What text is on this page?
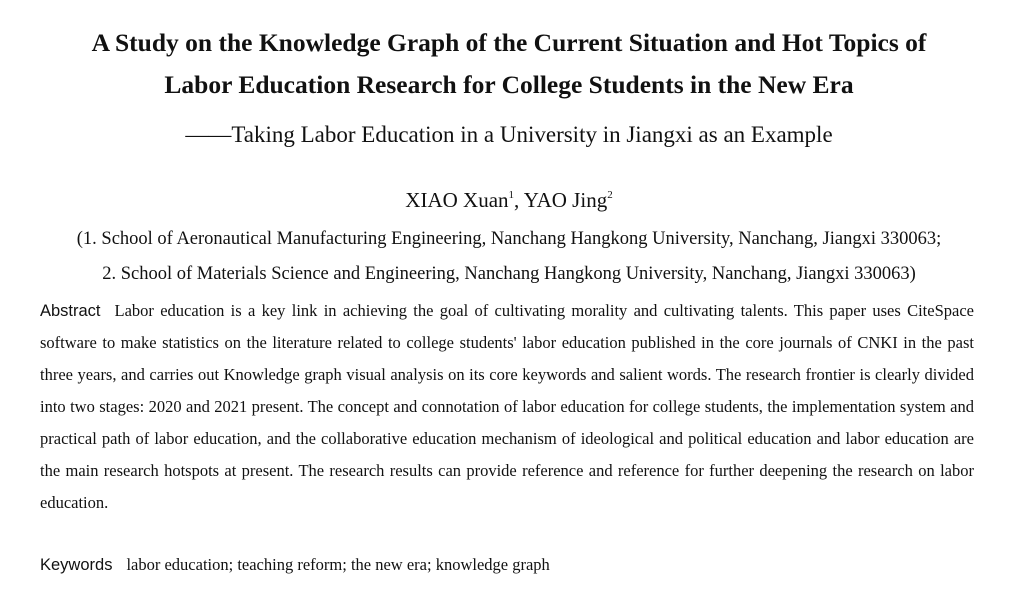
A Study on the Knowledge Graph of the Current Situation and Hot Topics of
Labor Education Research for College Students in the New Era
——Taking Labor Education in a University in Jiangxi as an Example
XIAO Xuan$^1$, YAO Jing$^2$
(1. School of Aeronautical Manufacturing Engineering, Nanchang Hangkong University, Nanchang, Jiangxi 330063;
2. School of Materials Science and Engineering, Nanchang Hangkong University, Nanchang, Jiangxi 330063)
Abstract Labor education is a key link in achieving the goal of cultivating morality and cultivating talents. This paper uses CiteSpace software to make statistics on the literature related to college students' labor education published in the core journals of CNKI in the past three years, and carries out Knowledge graph visual analysis on its core keywords and salient words. The research frontier is clearly divided into two stages: 2020 and 2021 present. The concept and connotation of labor education for college students, the implementation system and practical path of labor education, and the collaborative education mechanism of ideological and political education and labor education are the main research hotspots at present. The research results can provide reference and reference for further deepening the research on labor education.
Keywords labor education; teaching reform; the new era; knowledge graph
